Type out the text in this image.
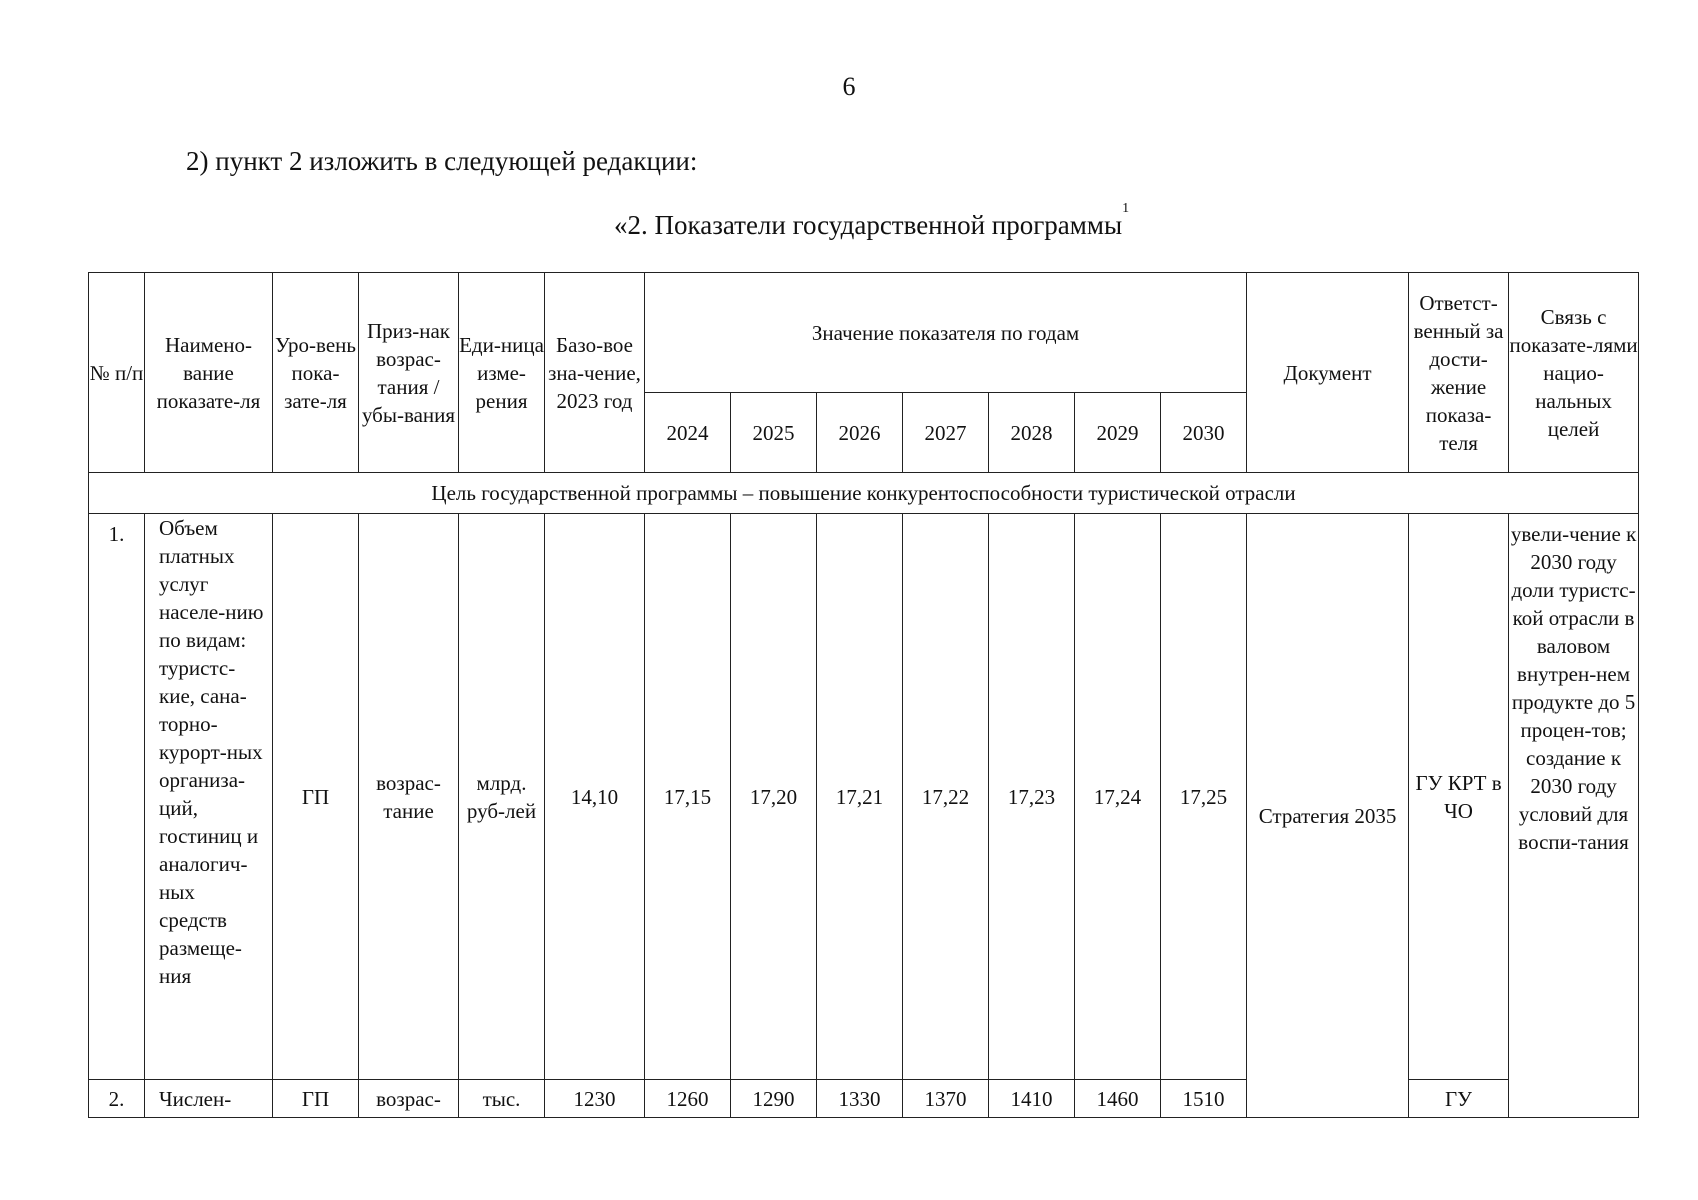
6
2) пункт 2 изложить в следующей редакции:
«2. Показатели государственной программы$^1$
№ п/п	Наимено-вание показате-ля	Уро-вень пока-зате-ля	Приз-нак возрас-тания / убы-вания	Еди-ница изме-рения	Базо-вое зна-чение, 2023 год	Значение показателя по годам							Документ	Ответст-венный за дости-жение показа-теля	Связь с показате-лями нацио-нальных целей
						2024	2025	2026	2027	2028	2029	2030			
Цель государственной программы – повышение конкурентоспособности туристической отрасли															
1.	Объем платных услуг населе-нию по видам: туристс-кие, сана-торно-курорт-ных организа-ций, гостиниц и аналогич-ных средств размеще-ния	ГП	возрас-тание	млрд. руб-лей	14,10	17,15	17,20	17,21	17,22	17,23	17,24	17,25	Стратегия 2035	ГУ КРТ в ЧО	увели-чение к 2030 году доли туристс-кой отрасли в валовом внутрен-нем продукте до 5 процен-тов; создание к 2030 году условий для воспи-тания
2.	Числен-	ГП	возрас-	тыс.	1230	1260	1290	1330	1370	1410	1460	1510		ГУ	
